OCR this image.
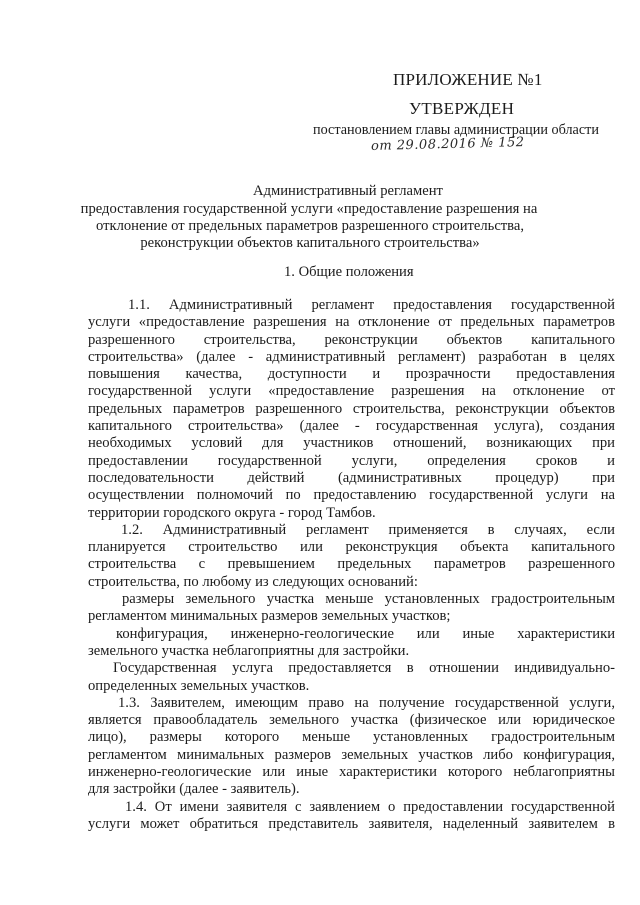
ПРИЛОЖЕНИЕ №1
УТВЕРЖДЕН
постановлением главы администрации области
от 29.08.2016 № 152
Административный регламент
предоставления государственной услуги «предоставление разрешения на
отклонение от предельных параметров разрешенного строительства,
реконструкции объектов капитального строительства»
1. Общие положения
1.1. Административный регламент предоставления государственной
услуги «предоставление разрешения на отклонение от предельных параметров
разрешенного строительства, реконструкции объектов капитального
строительства» (далее - административный регламент) разработан в целях
повышения качества, доступности и прозрачности предоставления
государственной услуги «предоставление разрешения на отклонение от
предельных параметров разрешенного строительства, реконструкции объектов
капитального строительства» (далее - государственная услуга), создания
необходимых условий для участников отношений, возникающих при
предоставлении государственной услуги, определения сроков и
последовательности действий (административных процедур) при
осуществлении полномочий по предоставлению государственной услуги на
территории городского округа - город Тамбов.
1.2. Административный регламент применяется в случаях, если
планируется строительство или реконструкция объекта капитального
строительства с превышением предельных параметров разрешенного
строительства, по любому из следующих оснований:
размеры земельного участка меньше установленных градостроительным
регламентом минимальных размеров земельных участков;
конфигурация, инженерно-геологические или иные характеристики
земельного участка неблагоприятны для застройки.
Государственная услуга предоставляется в отношении индивидуально-
определенных земельных участков.
1.3. Заявителем, имеющим право на получение государственной услуги,
является правообладатель земельного участка (физическое или юридическое
лицо), размеры которого меньше установленных градостроительным
регламентом минимальных размеров земельных участков либо конфигурация,
инженерно-геологические или иные характеристики которого неблагоприятны
для застройки (далее - заявитель).
1.4. От имени заявителя с заявлением о предоставлении государственной
услуги может обратиться представитель заявителя, наделенный заявителем в
